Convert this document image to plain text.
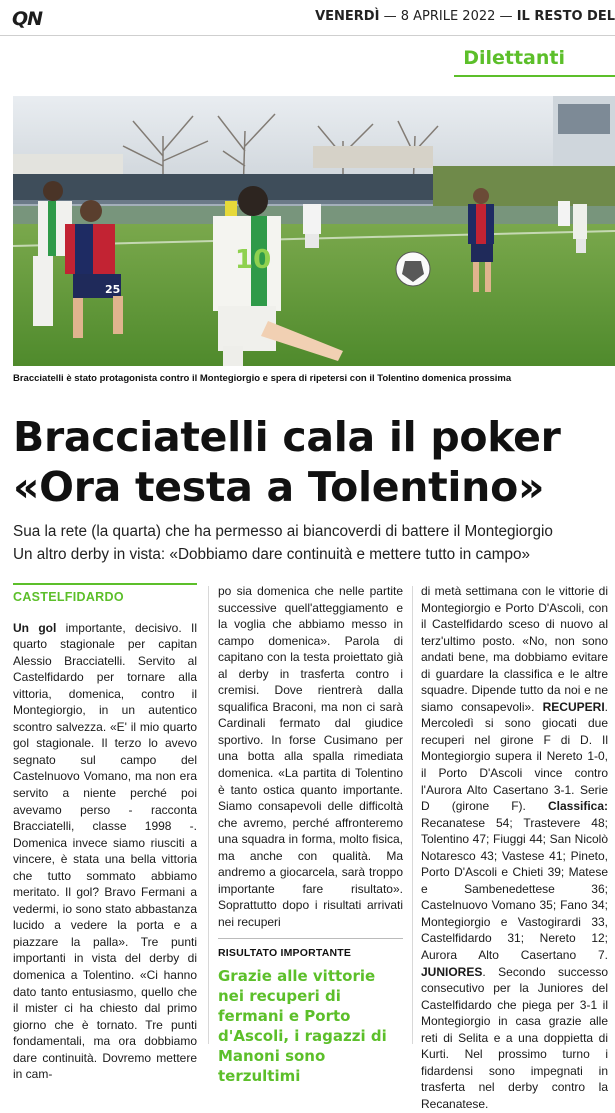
QN	VENERDÌ — 8 APRILE 2022 — IL RESTO DEL
Dilettanti
25
10
Bracciatelli è stato protagonista contro il Montegiorgio e spera di ripetersi con il Tolentino domenica prossima
Bracciatelli cala il poker
«Ora testa a Tolentino»
Sua la rete (la quarta) che ha permesso ai biancoverdi di battere il Montegiorgio
Un altro derby in vista: «Dobbiamo dare continuità e mettere tutto in campo»
CASTELFIDARDO

Un gol importante, decisivo. Il quarto stagionale per capitan Alessio Bracciatelli. Servito al Castelfidardo per tornare alla vittoria, domenica, contro il Montegiorgio, in un autentico scontro salvezza. «E' il mio quarto gol stagionale. Il terzo lo avevo segnato sul campo del Castelnuovo Vomano, ma non era servito a niente perché poi avevamo perso - racconta Bracciatelli, classe 1998 -. Domenica invece siamo riusciti a vincere, è stata una bella vittoria che tutto sommato abbiamo meritato. Il gol? Bravo Fermani a vedermi, io sono stato abbastanza lucido a vedere la porta e a piazzare la palla». Tre punti importanti in vista del derby di domenica a Tolentino. «Ci hanno dato tanto entusiasmo, quello che il mister ci ha chiesto dal primo giorno che è tornato. Tre punti fondamentali, ma ora dobbiamo dare continuità. Dovremo mettere in cam-

po sia domenica che nelle partite successive quell'atteggiamento e la voglia che abbiamo messo in campo domenica». Parola di capitano con la testa proiettato già al derby in trasferta contro i cremisi. Dove rientrerà dalla squalifica Braconi, ma non ci sarà Cardinali fermato dal giudice sportivo. In forse Cusimano per una botta alla spalla rimediata domenica. «La partita di Tolentino è tanto ostica quanto importante. Siamo consapevoli delle difficoltà che avremo, perché affronteremo una squadra in forma, molto fisica, ma anche con qualità. Ma andremo a giocarcela, sarà troppo importante fare risultato». Soprattutto dopo i risultati arrivati nei recuperi

RISULTATO IMPORTANTE
Grazie alle vittorie nei recuperi di fermani e Porto d'Ascoli, i ragazzi di Manoni sono terzultimi

di metà settimana con le vittorie di Montegiorgio e Porto D'Ascoli, con il Castelfidardo sceso di nuovo al terz'ultimo posto. «No, non sono andati bene, ma dobbiamo evitare di guardare la classifica e le altre squadre. Dipende tutto da noi e ne siamo consapevoli». RECUPERI. Mercoledì si sono giocati due recuperi nel girone F di D. Il Montegiorgio supera il Nereto 1-0, il Porto D'Ascoli vince contro l'Aurora Alto Casertano 3-1. Serie D (girone F). Classifica: Recanatese 54; Trastevere 48; Tolentino 47; Fiuggi 44; San Nicolò Notaresco 43; Vastese 41; Pineto, Porto D'Ascoli e Chieti 39; Matese e Sambenedettese 36; Castelnuovo Vomano 35; Fano 34; Montegiorgio e Vastogirardi 33, Castelfidardo 31; Nereto 12; Aurora Alto Casertano 7. JUNIORES. Secondo successo consecutivo per la Juniores del Castelfidardo che piega per 3-1 il Montegiorgio in casa grazie alle reti di Selita e a una doppietta di Kurti. Nel prossimo turno i fidardensi sono impegnati in trasferta nel derby contro la Recanatese.
